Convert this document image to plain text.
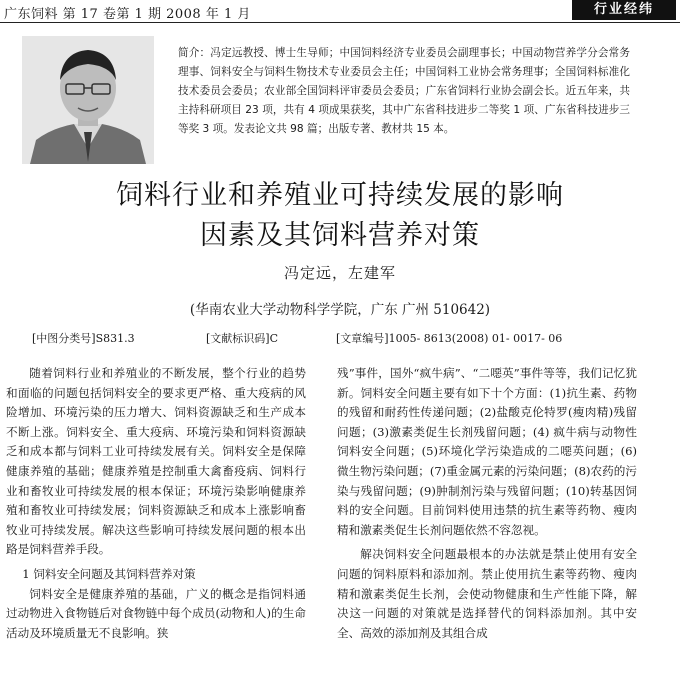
广东饲料 第 17 卷第 1 期 2008 年 1 月	行业经纬
简介：冯定远教授、博士生导师；中国饲料经济专业委员会副理事长；中国动物营养学分会常务理事、饲料安全与饲料生物技术专业委员会主任；中国饲料工业协会常务理事；全国饲料标准化技术委员会委员；农业部全国饲料评审委员会委员；广东省饲料行业协会副会长。近五年来，共主持科研项目 23 项，共有 4 项成果获奖，其中广东省科技进步二等奖 1 项、广东省科技进步三等奖 3 项。发表论文共 98 篇；出版专著、教材共 15 本。
饲料行业和养殖业可持续发展的影响
因素及其饲料营养对策
冯定远，左建军
(华南农业大学动物科学学院，广东 广州 510642)
[中图分类号]S831.3	[文献标识码]C	[文章编号]1005- 8613(2008) 01- 0017- 06

随着饲料行业和养殖业的不断发展，整个行业的趋势和面临的问题包括饲料安全的要求更严格、重大疫病的风险增加、环境污染的压力增大、饲料资源缺乏和生产成本不断上涨。饲料安全、重大疫病、环境污染和饲料资源缺乏和成本都与饲料工业可持续发展有关。饲料安全是保障健康养殖的基础；健康养殖是控制重大禽畜疫病、饲料行业和畜牧业可持续发展的根本保证；环境污染影响健康养殖和畜牧业可持续发展；饲料资源缺乏和成本上涨影响畜牧业可持续发展。解决这些影响可持续发展问题的根本出路是饲料营养手段。

1 饲料安全问题及其饲料营养对策

饲料安全是健康养殖的基础，广义的概念是指饲料通过动物进入食物链后对食物链中每个成员(动物和人)的生命活动及环境质量无不良影响。狭

残”事件，国外“疯牛病”、“二噁英”事件等等，我们记忆犹新。饲料安全问题主要有如下十个方面：(1)抗生素、药物的残留和耐药性传递问题；(2)盐酸克伦特罗(瘦肉精)残留问题；(3)激素类促生长剂残留问题；(4) 疯牛病与动物性饲料安全问题；(5)环境化学污染造成的二噁英问题；(6) 微生物污染问题；(7)重金属元素的污染问题；(8)农药的污染与残留问题；(9)肿制剂污染与残留问题；(10)转基因饲料的安全问题。目前饲料使用违禁的抗生素等药物、瘦肉精和激素类促生长剂问题依然不容忽视。

解决饲料安全问题最根本的办法就是禁止使用有安全问题的饲料原料和添加剂。禁止使用抗生素等药物、瘦肉精和激素类促生长剂，会使动物健康和生产性能下降，解决这一问题的对策就是选择替代的饲料添加剂。其中安全、高效的添加剂及其组合成
